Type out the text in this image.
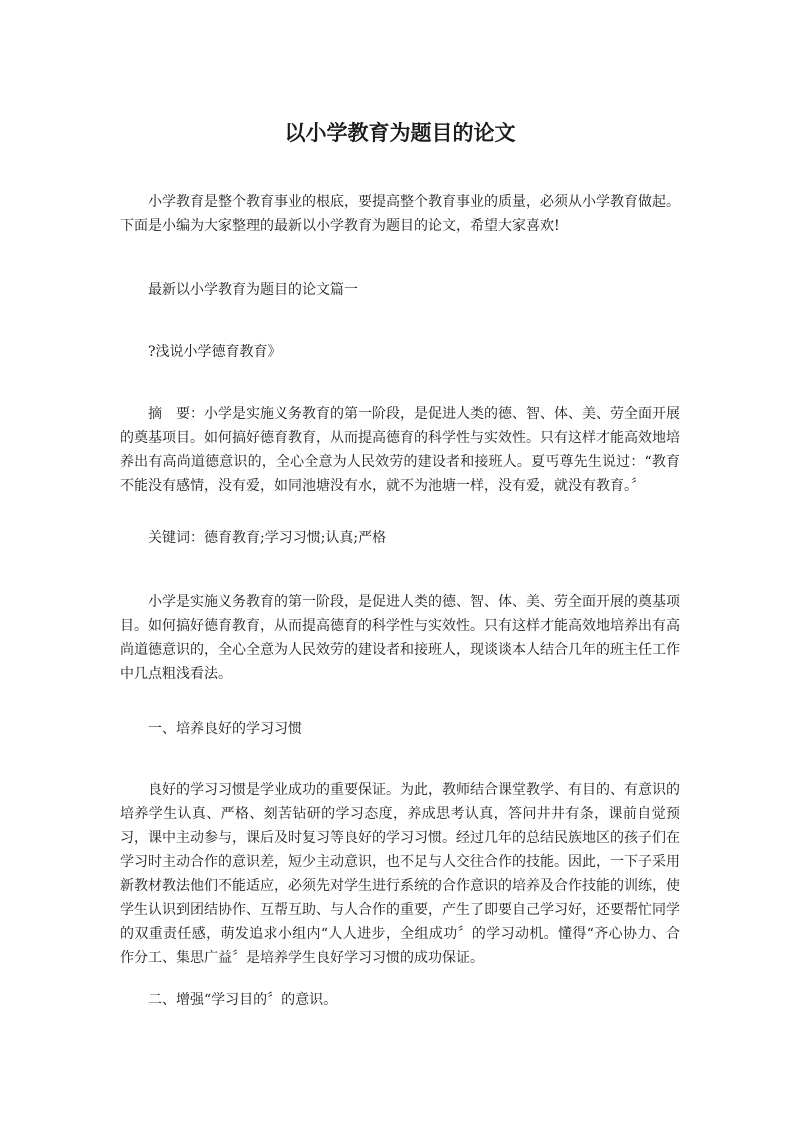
以小学教育为题目的论文

小学教育是整个教育事业的根底，要提高整个教育事业的质量，必须从小学教育做起。下面是小编为大家整理的最新以小学教育为题目的论文，希望大家喜欢!

最新以小学教育为题目的论文篇一

?浅说小学德育教育》

摘　要：小学是实施义务教育的第一阶段，是促进人类的德、智、体、美、劳全面开展的奠基项目。如何搞好德育教育，从而提高德育的科学性与实效性。只有这样才能高效地培养出有高尚道德意识的，全心全意为人民效劳的建设者和接班人。夏丐尊先生说过：“教育不能没有感情，没有爱，如同池塘没有水，就不为池塘一样，没有爱，就没有教育。〞

关键词：德育教育;学习习惯;认真;严格

小学是实施义务教育的第一阶段，是促进人类的德、智、体、美、劳全面开展的奠基项目。如何搞好德育教育，从而提高德育的科学性与实效性。只有这样才能高效地培养出有高尚道德意识的，全心全意为人民效劳的建设者和接班人，现谈谈本人结合几年的班主任工作中几点粗浅看法。

一、培养良好的学习习惯

良好的学习习惯是学业成功的重要保证。为此，教师结合课堂教学、有目的、有意识的培养学生认真、严格、刻苦钻研的学习态度，养成思考认真，答问井井有条，课前自觉预习，课中主动参与，课后及时复习等良好的学习习惯。经过几年的总结民族地区的孩子们在学习时主动合作的意识差，短少主动意识，也不足与人交往合作的技能。因此，一下子采用新教材教法他们不能适应，必须先对学生进行系统的合作意识的培养及合作技能的训练，使学生认识到团结协作、互帮互助、与人合作的重要，产生了即要自己学习好，还要帮忙同学的双重责任感，萌发追求小组内“人人进步，全组成功〞的学习动机。懂得“齐心协力、合作分工、集思广益〞是培养学生良好学习习惯的成功保证。

二、增强“学习目的〞的意识。
